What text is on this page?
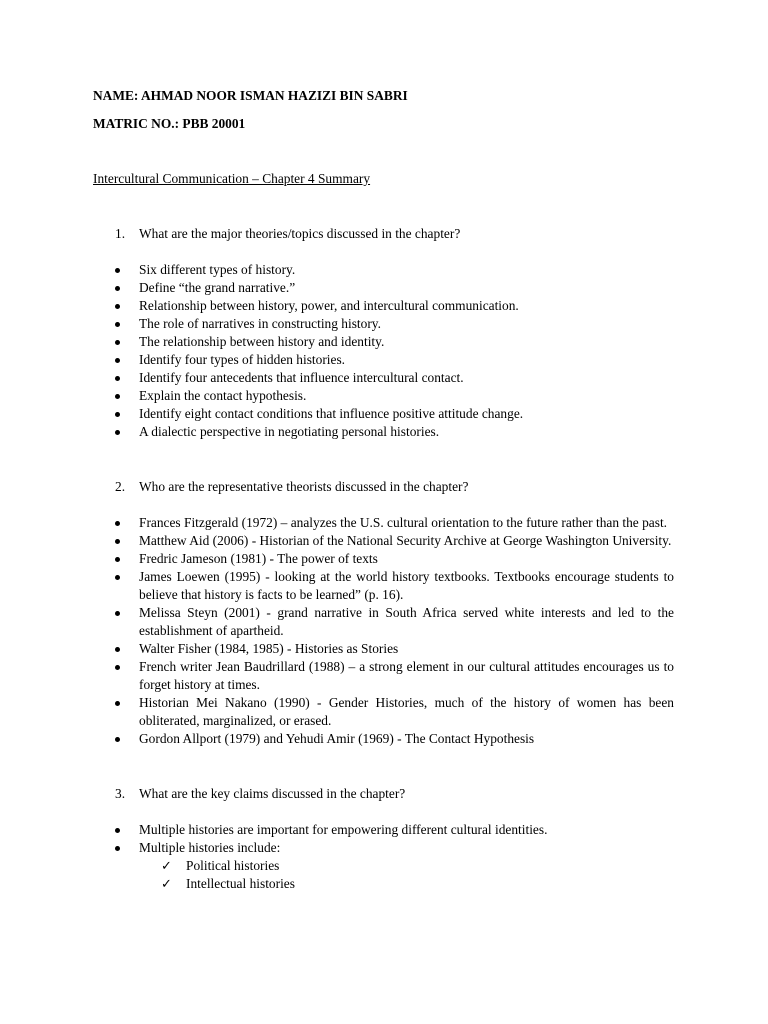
NAME: AHMAD NOOR ISMAN HAZIZI BIN SABRI

MATRIC NO.: PBB 20001

Intercultural Communication – Chapter 4 Summary

1. What are the major theories/topics discussed in the chapter?

Six different types of history.
Define “the grand narrative.”
Relationship between history, power, and intercultural communication.
The role of narratives in constructing history.
The relationship between history and identity.
Identify four types of hidden histories.
Identify four antecedents that influence intercultural contact.
Explain the contact hypothesis.
Identify eight contact conditions that influence positive attitude change.
A dialectic perspective in negotiating personal histories.

2. Who are the representative theorists discussed in the chapter?

Frances Fitzgerald (1972) – analyzes the U.S. cultural orientation to the future rather than the past.
Matthew Aid (2006) - Historian of the National Security Archive at George Washington University.
Fredric Jameson (1981) - The power of texts
James Loewen (1995) - looking at the world history textbooks. Textbooks encourage students to believe that history is facts to be learned” (p. 16).
Melissa Steyn (2001) - grand narrative in South Africa served white interests and led to the establishment of apartheid.
Walter Fisher (1984, 1985) - Histories as Stories
French writer Jean Baudrillard (1988) – a strong element in our cultural attitudes encourages us to forget history at times.
Historian Mei Nakano (1990) - Gender Histories, much of the history of women has been obliterated, marginalized, or erased.
Gordon Allport (1979) and Yehudi Amir (1969) - The Contact Hypothesis

3. What are the key claims discussed in the chapter?

Multiple histories are important for empowering different cultural identities.
Multiple histories include:
✓ Political histories
✓ Intellectual histories
